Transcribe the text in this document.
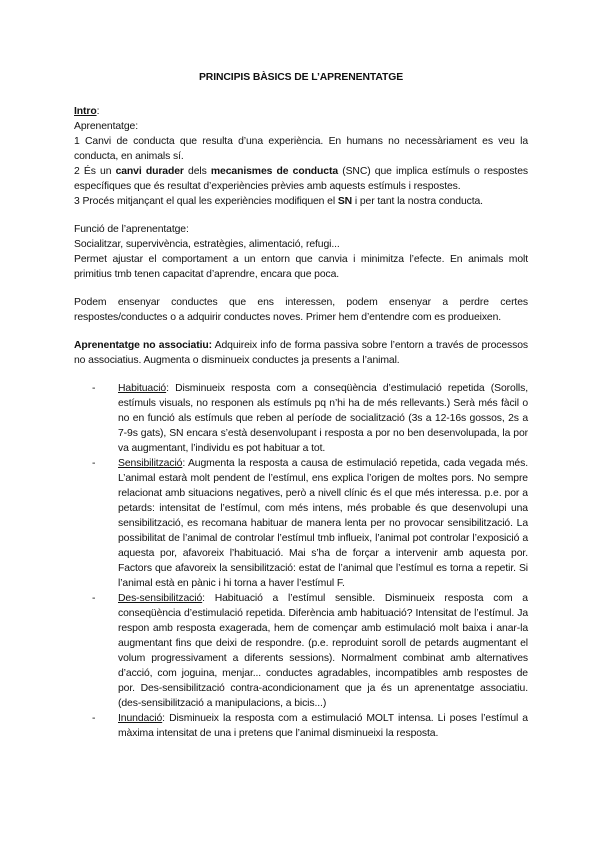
PRINCIPIS BÀSICS DE L’APRENENTATGE

Intro:

Aprenentatge:

1 Canvi de conducta que resulta d’una experiència. En humans no necessàriament es veu la conducta, en animals sí.

2 És un canvi durader dels mecanismes de conducta (SNC) que implica estímuls o respostes específiques que és resultat d’experiències prèvies amb aquests estímuls i respostes.

3 Procés mitjançant el qual les experiències modifiquen el SN i per tant la nostra conducta.

Funció de l’aprenentatge:

Socialitzar, supervivència, estratègies, alimentació, refugi...

Permet ajustar el comportament a un entorn que canvia i minimitza l’efecte. En animals molt primitius tmb tenen capacitat d’aprendre, encara que poca.

Podem ensenyar conductes que ens interessen, podem ensenyar a perdre certes respostes/conductes o a adquirir conductes noves. Primer hem d’entendre com es produeixen.

Aprenentatge no associatiu: Adquireix info de forma passiva sobre l’entorn a través de processos no associatius. Augmenta o disminueix conductes ja presents a l’animal.

- Habituació: Disminueix resposta com a conseqüència d’estimulació repetida (Sorolls, estímuls visuals, no responen als estímuls pq n’hi ha de més rellevants.) Serà més fàcil o no en funció als estímuls que reben al període de socialització (3s a 12-16s gossos, 2s a 7-9s gats), SN encara s’està desenvolupant i resposta a por no ben desenvolupada, la por va augmentant, l’individu es pot habituar a tot.
- Sensibilització: Augmenta la resposta a causa de estimulació repetida, cada vegada més. L’animal estarà molt pendent de l’estímul, ens explica l’origen de moltes pors. No sempre relacionat amb situacions negatives, però a nivell clínic és el que més interessa. p.e. por a petards: intensitat de l’estímul, com més intens, més probable és que desenvolupi una sensibilització, es recomana habituar de manera lenta per no provocar sensibilització. La possibilitat de l’animal de controlar l’estímul tmb influeix, l’animal pot controlar l’exposició a aquesta por, afavoreix l’habituació. Mai s’ha de forçar a intervenir amb aquesta por. Factors que afavoreix la sensibilització: estat de l’animal que l’estímul es torna a repetir. Si l’animal està en pànic i hi torna a haver l’estímul F.
- Des-sensibilització: Habituació a l’estímul sensible. Disminueix resposta com a conseqüència d’estimulació repetida. Diferència amb habituació? Intensitat de l’estímul. Ja respon amb resposta exagerada, hem de començar amb estimulació molt baixa i anar-la augmentant fins que deixi de respondre. (p.e. reproduint soroll de petards augmentant el volum progressivament a diferents sessions). Normalment combinat amb alternatives d’acció, com joguina, menjar... conductes agradables, incompatibles amb respostes de por. Des-sensibilització contra-acondicionament que ja és un aprenentatge associatiu. (des-sensibilització a manipulacions, a bicis...)
- Inundació: Disminueix la resposta com a estimulació MOLT intensa. Li poses l’estímul a màxima intensitat de una i pretens que l’animal disminueixi la resposta.
